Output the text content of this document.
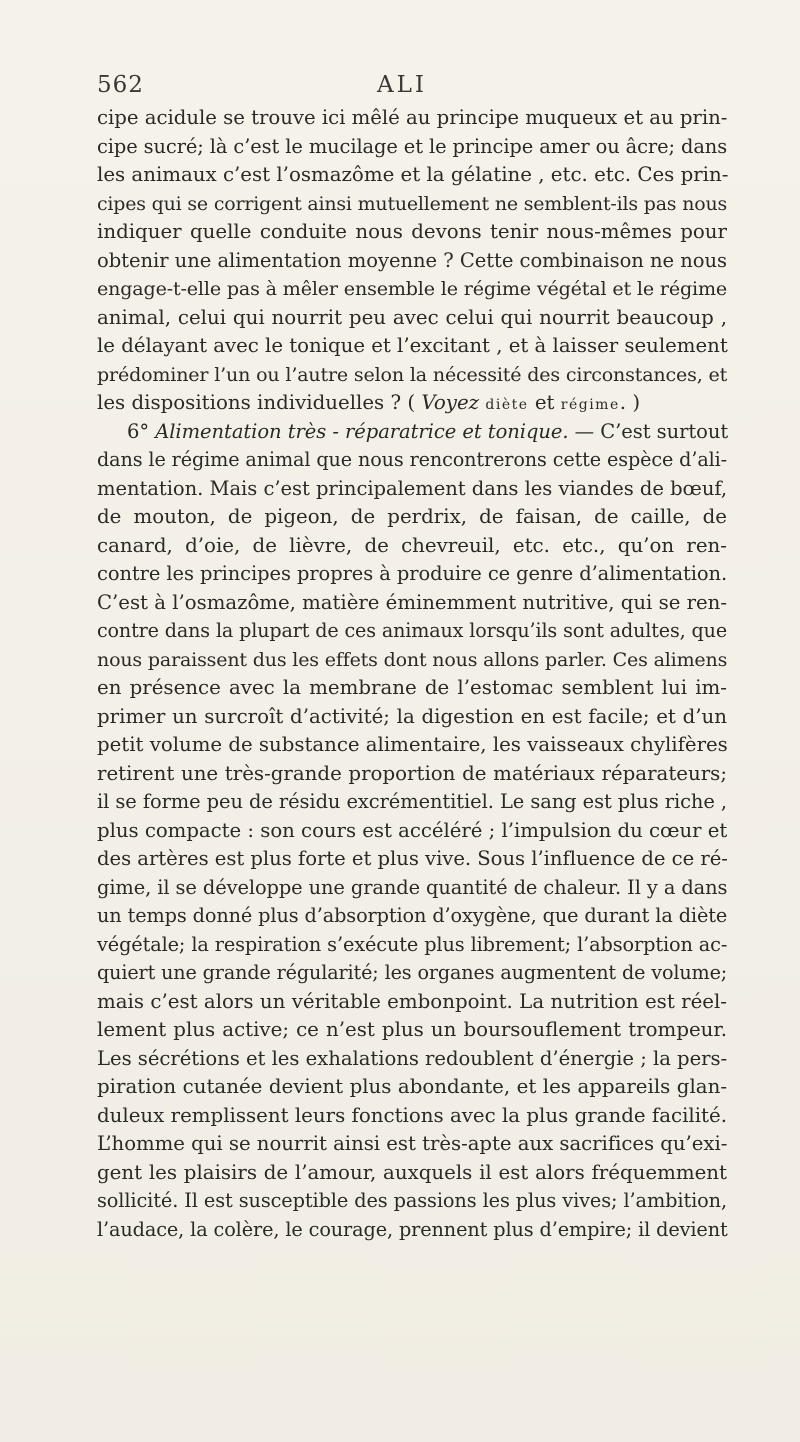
562	ALI
cipe acidule se trouve ici mêlé au principe muqueux et au prin-
cipe sucré; là c’est le mucilage et le principe amer ou âcre; dans
les animaux c’est l’osmazôme et la gélatine , etc. etc. Ces prin-
cipes qui se corrigent ainsi mutuellement ne semblent-ils pas nous
indiquer quelle conduite nous devons tenir nous-mêmes pour
obtenir une alimentation moyenne ? Cette combinaison ne nous
engage-t-elle pas à mêler ensemble le régime végétal et le régime
animal, celui qui nourrit peu avec celui qui nourrit beaucoup ,
le délayant avec le tonique et l’excitant , et à laisser seulement
prédominer l’un ou l’autre selon la nécessité des circonstances, et
les dispositions individuelles ? ( Voyez diète et régime. )
6° Alimentation très - réparatrice et tonique. — C’est surtout
dans le régime animal que nous rencontrerons cette espèce d’ali-
mentation. Mais c’est principalement dans les viandes de bœuf,
de mouton, de pigeon, de perdrix, de faisan, de caille, de
canard, d’oie, de lièvre, de chevreuil, etc. etc., qu’on ren-
contre les principes propres à produire ce genre d’alimentation.
C’est à l’osmazôme, matière éminemment nutritive, qui se ren-
contre dans la plupart de ces animaux lorsqu’ils sont adultes, que
nous paraissent dus les effets dont nous allons parler. Ces alimens
en présence avec la membrane de l’estomac semblent lui im-
primer un surcroît d’activité; la digestion en est facile; et d’un
petit volume de substance alimentaire, les vaisseaux chylifères
retirent une très-grande proportion de matériaux réparateurs;
il se forme peu de résidu excrémentitiel. Le sang est plus riche ,
plus compacte : son cours est accéléré ; l’impulsion du cœur et
des artères est plus forte et plus vive. Sous l’influence de ce ré-
gime, il se développe une grande quantité de chaleur. Il y a dans
un temps donné plus d’absorption d’oxygène, que durant la diète
végétale; la respiration s’exécute plus librement; l’absorption ac-
quiert une grande régularité; les organes augmentent de volume;
mais c’est alors un véritable embonpoint. La nutrition est réel-
lement plus active; ce n’est plus un boursouflement trompeur.
Les sécrétions et les exhalations redoublent d’énergie ; la pers-
piration cutanée devient plus abondante, et les appareils glan-
duleux remplissent leurs fonctions avec la plus grande facilité.
L’homme qui se nourrit ainsi est très-apte aux sacrifices qu’exi-
gent les plaisirs de l’amour, auxquels il est alors fréquemment
sollicité. Il est susceptible des passions les plus vives; l’ambition,
l’audace, la colère, le courage, prennent plus d’empire; il devient
